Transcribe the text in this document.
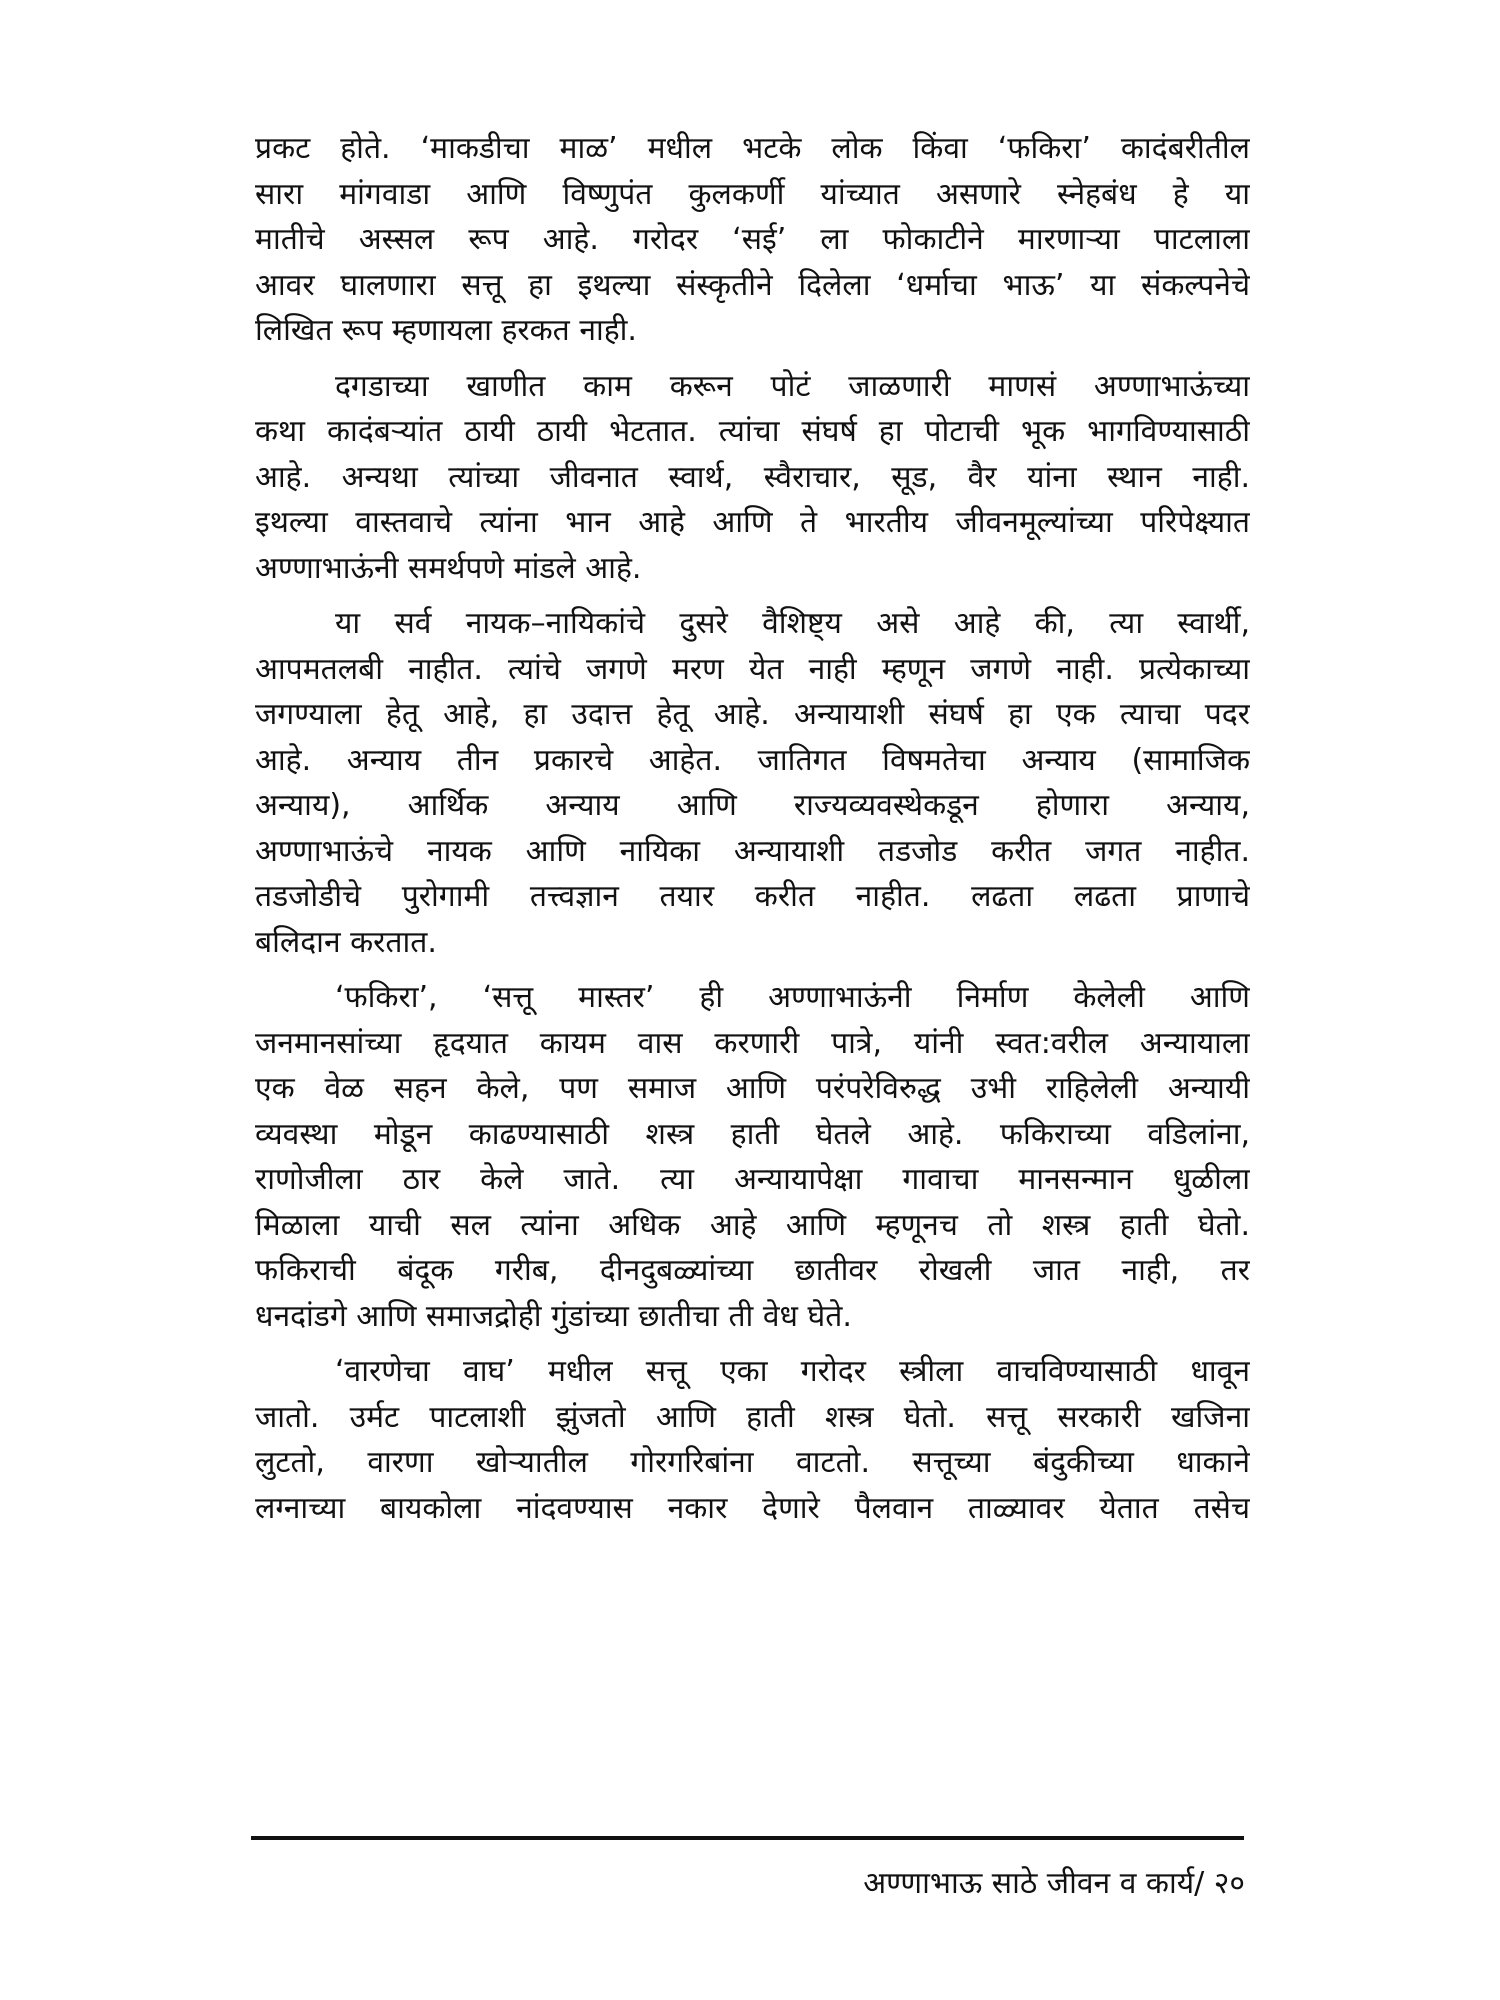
प्रकट होते. ‘माकडीचा माळ’ मधील भटके लोक किंवा ‘फकिरा’ कादंबरीतील
सारा मांगवाडा आणि विष्णुपंत कुलकर्णी यांच्यात असणारे स्नेहबंध हे या
मातीचे अस्सल रूप आहे. गरोदर ‘सई’ ला फोकाटीने मारणाऱ्या पाटलाला
आवर घालणारा सत्तू हा इथल्या संस्कृतीने दिलेला ‘धर्माचा भाऊ’ या संकल्पनेचे
लिखित रूप म्हणायला हरकत नाही.
दगडाच्या खाणीत काम करून पोटं जाळणारी माणसं अण्णाभाऊंच्या
कथा कादंबऱ्यांत ठायी ठायी भेटतात. त्यांचा संघर्ष हा पोटाची भूक भागविण्यासाठी
आहे. अन्यथा त्यांच्या जीवनात स्वार्थ, स्वैराचार, सूड, वैर यांना स्थान नाही.
इथल्या वास्तवाचे त्यांना भान आहे आणि ते भारतीय जीवनमूल्यांच्या परिपेक्ष्यात
अण्णाभाऊंनी समर्थपणे मांडले आहे.
या सर्व नायक–नायिकांचे दुसरे वैशिष्ट्य असे आहे की, त्या स्वार्थी,
आपमतलबी नाहीत. त्यांचे जगणे मरण येत नाही म्हणून जगणे नाही. प्रत्येकाच्या
जगण्याला हेतू आहे, हा उदात्त हेतू आहे. अन्यायाशी संघर्ष हा एक त्याचा पदर
आहे. अन्याय तीन प्रकारचे आहेत. जातिगत विषमतेचा अन्याय (सामाजिक
अन्याय), आर्थिक अन्याय आणि राज्यव्यवस्थेकडून होणारा अन्याय,
अण्णाभाऊंचे नायक आणि नायिका अन्यायाशी तडजोड करीत जगत नाहीत.
तडजोडीचे पुरोगामी तत्त्वज्ञान तयार करीत नाहीत. लढता लढता प्राणाचे
बलिदान करतात.
‘फकिरा’, ‘सत्तू मास्तर’ ही अण्णाभाऊंनी निर्माण केलेली आणि
जनमानसांच्या हृदयात कायम वास करणारी पात्रे, यांनी स्वत:वरील अन्यायाला
एक वेळ सहन केले, पण समाज आणि परंपरेविरुद्ध उभी राहिलेली अन्यायी
व्यवस्था मोडून काढण्यासाठी शस्त्र हाती घेतले आहे. फकिराच्या वडिलांना,
राणोजीला ठार केले जाते. त्या अन्यायापेक्षा गावाचा मानसन्मान धुळीला
मिळाला याची सल त्यांना अधिक आहे आणि म्हणूनच तो शस्त्र हाती घेतो.
फकिराची बंदूक गरीब, दीनदुबळ्यांच्या छातीवर रोखली जात नाही, तर
धनदांडगे आणि समाजद्रोही गुंडांच्या छातीचा ती वेध घेते.
‘वारणेचा वाघ’ मधील सत्तू एका गरोदर स्त्रीला वाचविण्यासाठी धावून
जातो. उर्मट पाटलाशी झुंजतो आणि हाती शस्त्र घेतो. सत्तू सरकारी खजिना
लुटतो, वारणा खोऱ्यातील गोरगरिबांना वाटतो. सत्तूच्या बंदुकीच्या धाकाने
लग्नाच्या बायकोला नांदवण्यास नकार देणारे पैलवान ताळ्यावर येतात तसेच
अण्णाभाऊ साठे जीवन व कार्य/ २०
